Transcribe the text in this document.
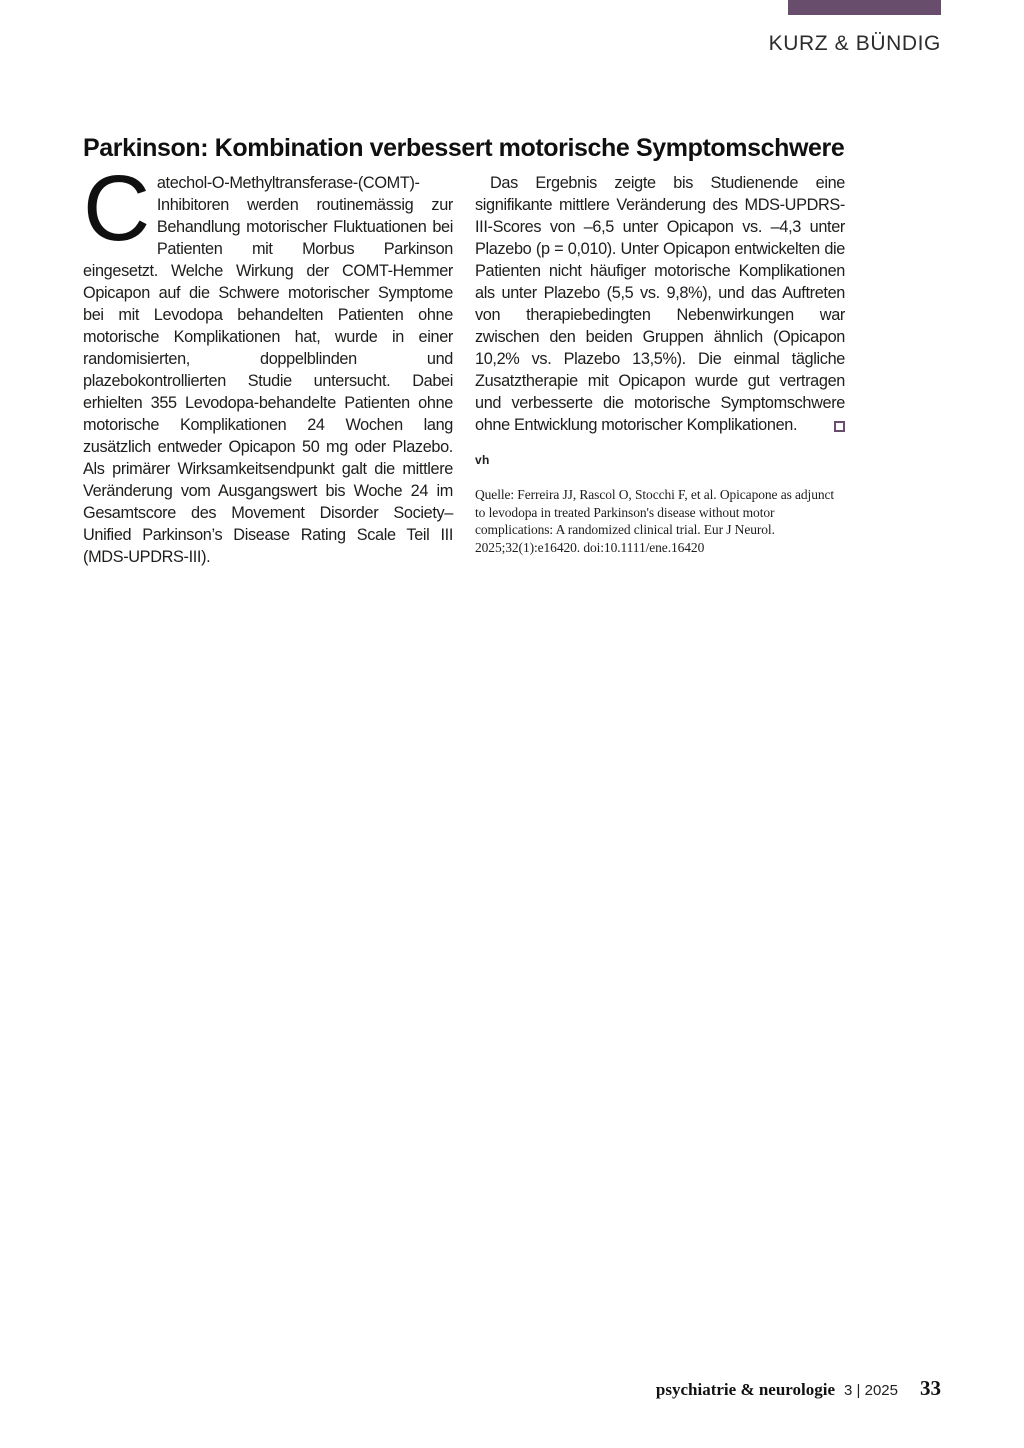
KURZ & BÜNDIG
Parkinson: Kombination verbessert motorische Symptomschwere
Catechol-O-Methyltransferase-(COMT)-Inhibitoren werden routinemässig zur Behandlung motorischer Fluktuationen bei Patienten mit Morbus Parkinson eingesetzt. Welche Wirkung der COMT-Hemmer Opicapon auf die Schwere motorischer Symptome bei mit Levodopa behandelten Patienten ohne motorische Komplikationen hat, wurde in einer randomisierten, doppelblinden und plazebokontrollierten Studie untersucht. Dabei erhielten 355 Levodopa-behandelte Patienten ohne motorische Komplikationen 24 Wochen lang zusätzlich entweder Opicapon 50 mg oder Plazebo. Als primärer Wirksamkeitsendpunkt galt die mittlere Veränderung vom Ausgangswert bis Woche 24 im Gesamtscore des Movement Disorder Society–Unified Parkinson’s Disease Rating Scale Teil III (MDS-UPDRS-III).

Das Ergebnis zeigte bis Studienende eine signifikante mittlere Veränderung des MDS-UPDRS-III-Scores von –6,5 unter Opicapon vs. –4,3 unter Plazebo (p = 0,010). Unter Opicapon entwickelten die Patienten nicht häufiger motorische Komplikationen als unter Plazebo (5,5 vs. 9,8%), und das Auftreten von therapiebedingten Nebenwirkungen war zwischen den beiden Gruppen ähnlich (Opicapon 10,2% vs. Plazebo 13,5%). Die einmal tägliche Zusatztherapie mit Opicapon wurde gut vertragen und verbesserte die motorische Symptomschwere ohne Entwicklung motorischer Komplikationen.

vh
Quelle: Ferreira JJ, Rascol O, Stocchi F, et al. Opicapone as adjunct to levodopa in treated Parkinson's disease without motor complications: A randomized clinical trial. Eur J Neurol. 2025;32(1):e16420. doi:10.1111/ene.16420
psychiatrie & neurologie 3 | 2025 33
